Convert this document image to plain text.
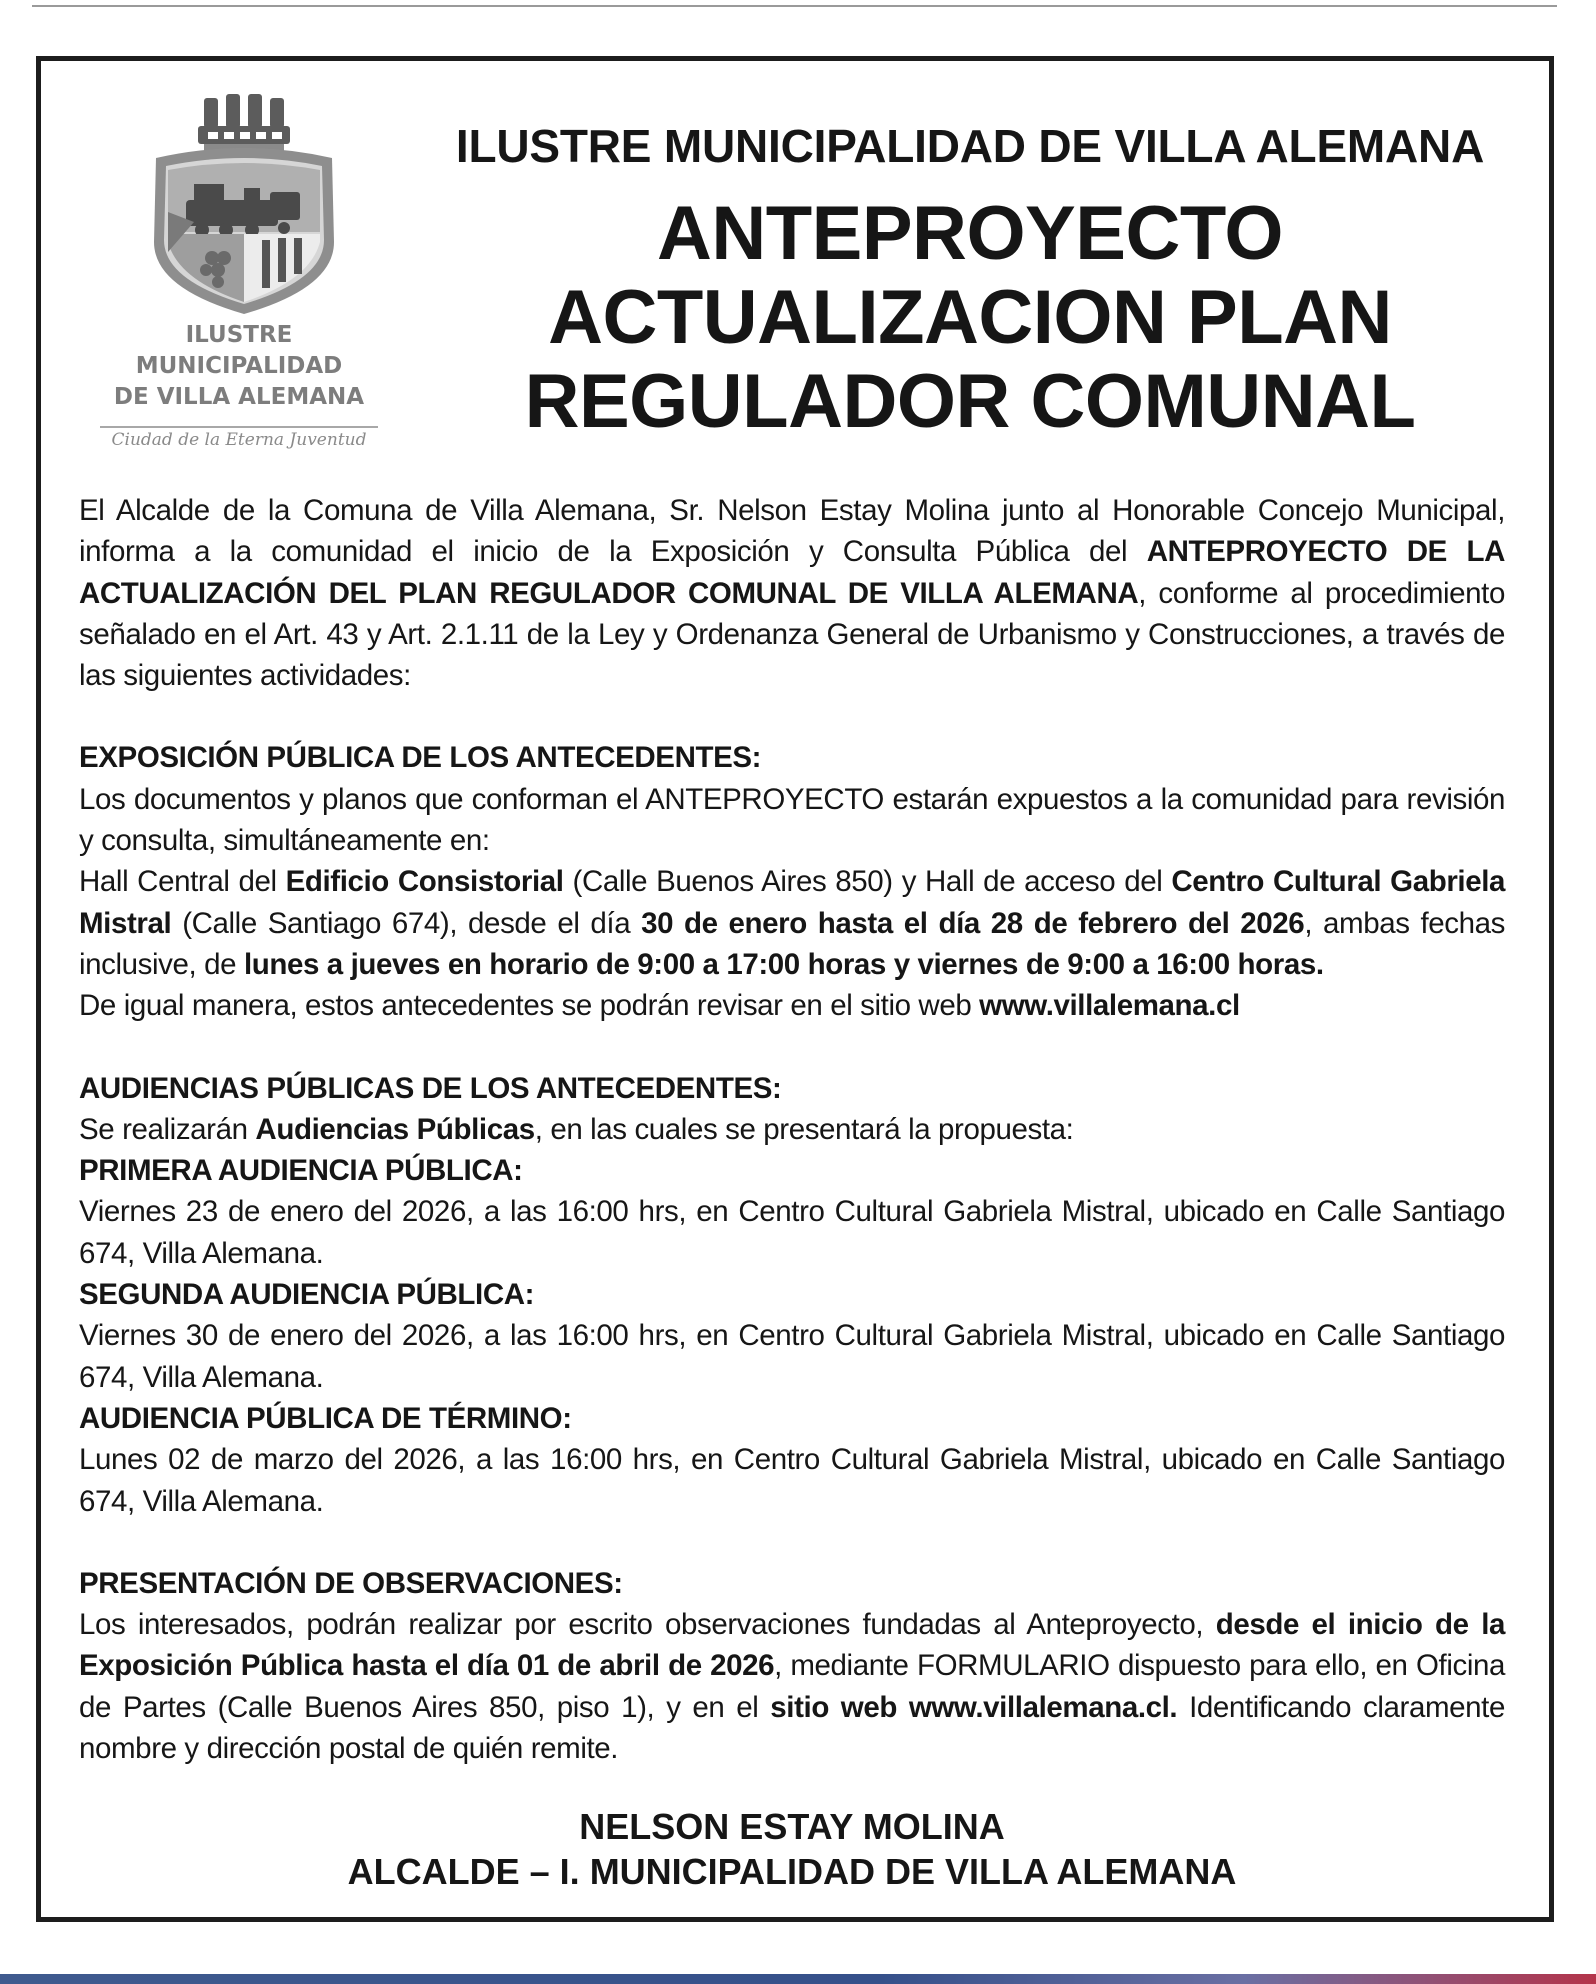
ILUSTRE
MUNICIPALIDAD
DE VILLA ALEMANA
Ciudad de la Eterna Juventud
ILUSTRE MUNICIPALIDAD DE VILLA ALEMANA
ANTEPROYECTO
ACTUALIZACION PLAN
REGULADOR COMUNAL

El Alcalde de la Comuna de Villa Alemana, Sr. Nelson Estay Molina junto al Honorable Concejo Municipal, informa a la comunidad el inicio de la Exposición y Consulta Pública del ANTEPROYECTO DE LA ACTUALIZACIÓN DEL PLAN REGULADOR COMUNAL DE VILLA ALEMANA, conforme al procedimiento señalado en el Art. 43 y Art. 2.1.11 de la Ley y Ordenanza General de Urbanismo y Construcciones, a través de las siguientes actividades:

EXPOSICIÓN PÚBLICA DE LOS ANTECEDENTES:

Los documentos y planos que conforman el ANTEPROYECTO estarán expuestos a la comunidad para revisión y consulta, simultáneamente en:

Hall Central del Edificio Consistorial (Calle Buenos Aires 850) y Hall de acceso del Centro Cultural Gabriela Mistral (Calle Santiago 674), desde el día 30 de enero hasta el día 28 de febrero del 2026, ambas fechas inclusive, de lunes a jueves en horario de 9:00 a 17:00 horas y viernes de 9:00 a 16:00 horas.

De igual manera, estos antecedentes se podrán revisar en el sitio web www.villalemana.cl

AUDIENCIAS PÚBLICAS DE LOS ANTECEDENTES:

Se realizarán Audiencias Públicas, en las cuales se presentará la propuesta:

PRIMERA AUDIENCIA PÚBLICA:

Viernes 23 de enero del 2026, a las 16:00 hrs, en Centro Cultural Gabriela Mistral, ubicado en Calle Santiago 674, Villa Alemana.

SEGUNDA AUDIENCIA PÚBLICA:

Viernes 30 de enero del 2026, a las 16:00 hrs, en Centro Cultural Gabriela Mistral, ubicado en Calle Santiago 674, Villa Alemana.

AUDIENCIA PÚBLICA DE TÉRMINO:

Lunes 02 de marzo del 2026, a las 16:00 hrs, en Centro Cultural Gabriela Mistral, ubicado en Calle Santiago 674, Villa Alemana.

PRESENTACIÓN DE OBSERVACIONES:

Los interesados, podrán realizar por escrito observaciones fundadas al Anteproyecto, desde el inicio de la Exposición Pública hasta el día 01 de abril de 2026, mediante FORMULARIO dispuesto para ello, en Oficina de Partes (Calle Buenos Aires 850, piso 1), y en el sitio web www.villalemana.cl. Identificando claramente nombre y dirección postal de quién remite.

NELSON ESTAY MOLINA
ALCALDE – I. MUNICIPALIDAD DE VILLA ALEMANA
